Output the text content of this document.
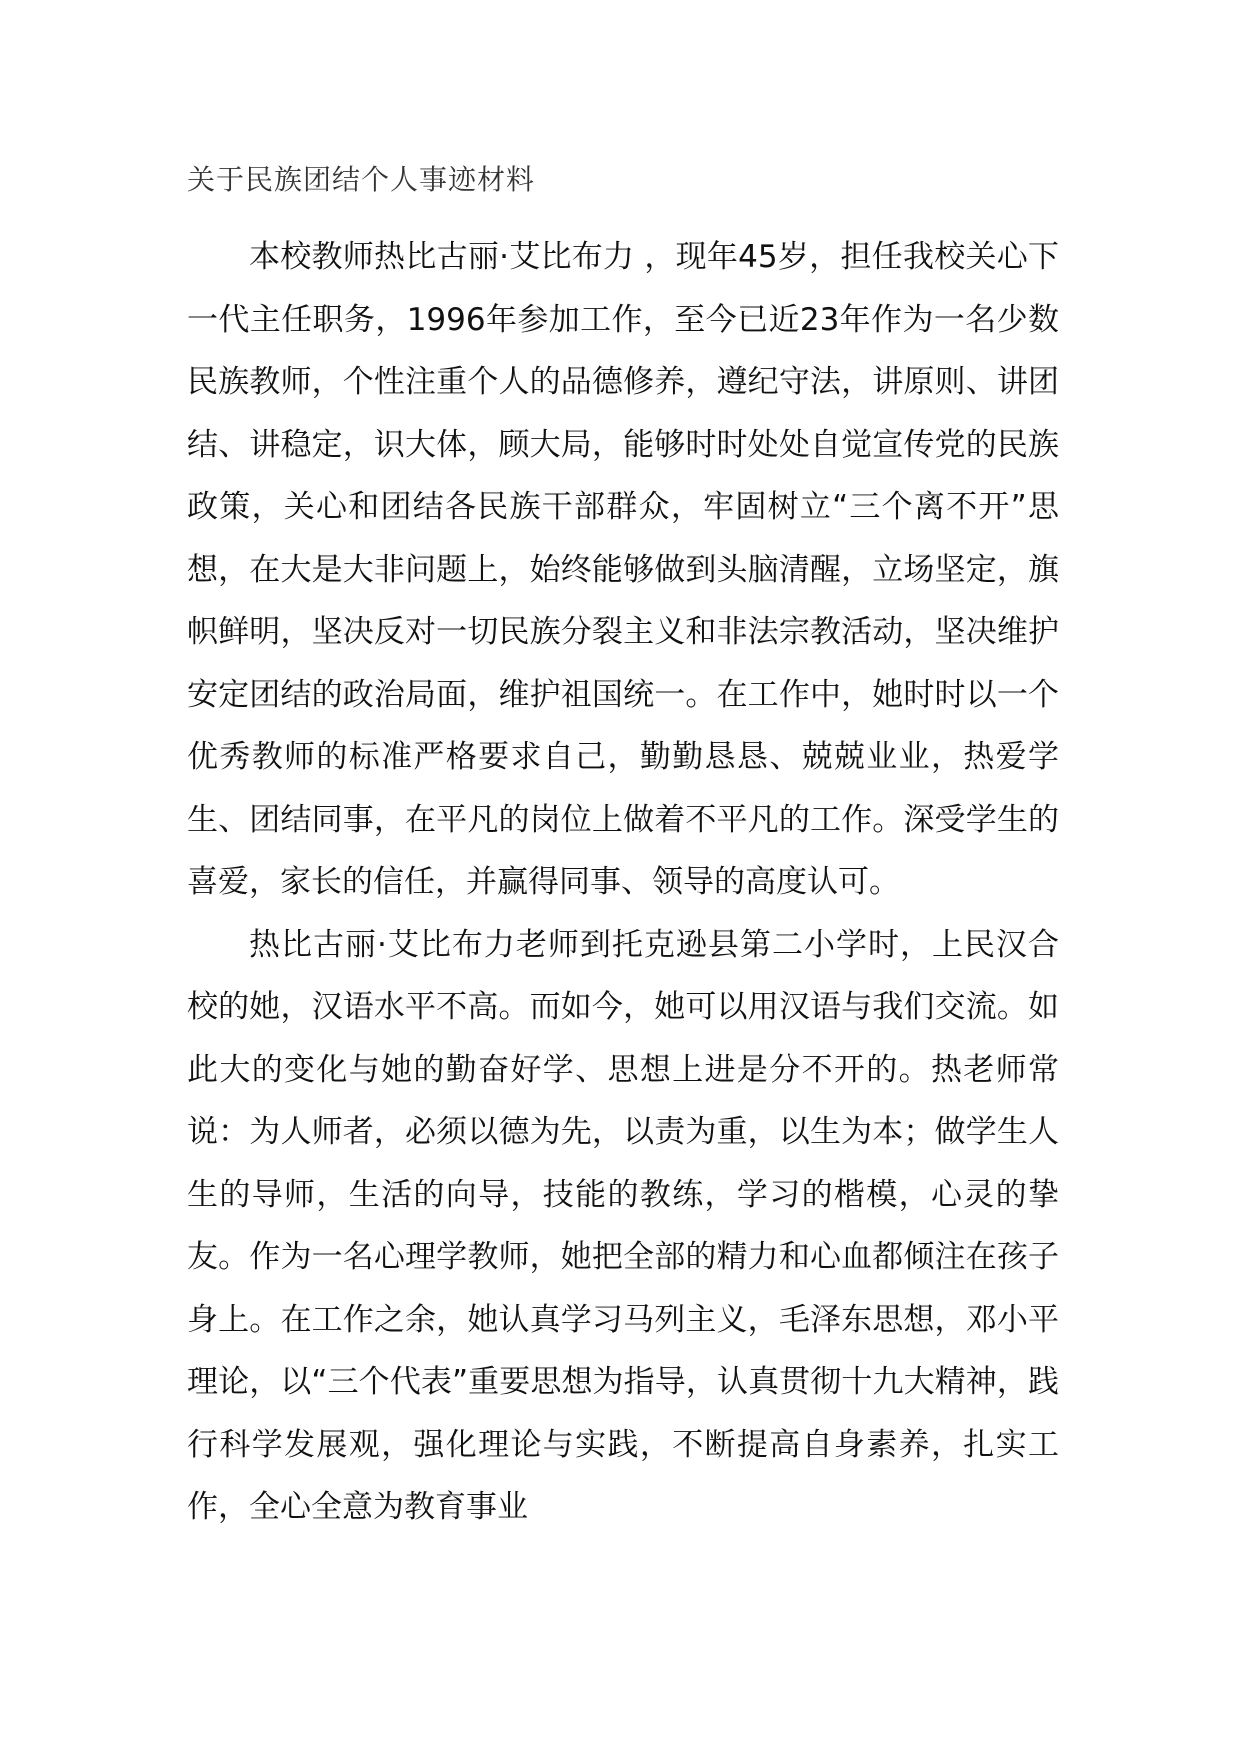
关于民族团结个人事迹材料

本校教师热比古丽·艾比布力 ，现年45岁，担任我校关心下一代主任职务，1996年参加工作，至今已近23年作为一名少数民族教师，个性注重个人的品德修养，遵纪守法，讲原则、讲团结、讲稳定，识大体，顾大局，能够时时处处自觉宣传党的民族政策，关心和团结各民族干部群众，牢固树立“三个离不开”思想，在大是大非问题上，始终能够做到头脑清醒，立场坚定，旗帜鲜明，坚决反对一切民族分裂主义和非法宗教活动，坚决维护安定团结的政治局面，维护祖国统一。在工作中，她时时以一个优秀教师的标准严格要求自己，勤勤恳恳、兢兢业业，热爱学生、团结同事，在平凡的岗位上做着不平凡的工作。深受学生的喜爱，家长的信任，并赢得同事、领导的高度认可。

热比古丽·艾比布力老师到托克逊县第二小学时，上民汉合校的她，汉语水平不高。而如今，她可以用汉语与我们交流。如此大的变化与她的勤奋好学、思想上进是分不开的。热老师常说：为人师者，必须以德为先，以责为重，以生为本；做学生人生的导师，生活的向导，技能的教练，学习的楷模，心灵的挚友。作为一名心理学教师，她把全部的精力和心血都倾注在孩子身上。在工作之余，她认真学习马列主义，毛泽东思想，邓小平理论，以“三个代表”重要思想为指导，认真贯彻十九大精神，践行科学发展观，强化理论与实践，不断提高自身素养，扎实工作，全心全意为教育事业
